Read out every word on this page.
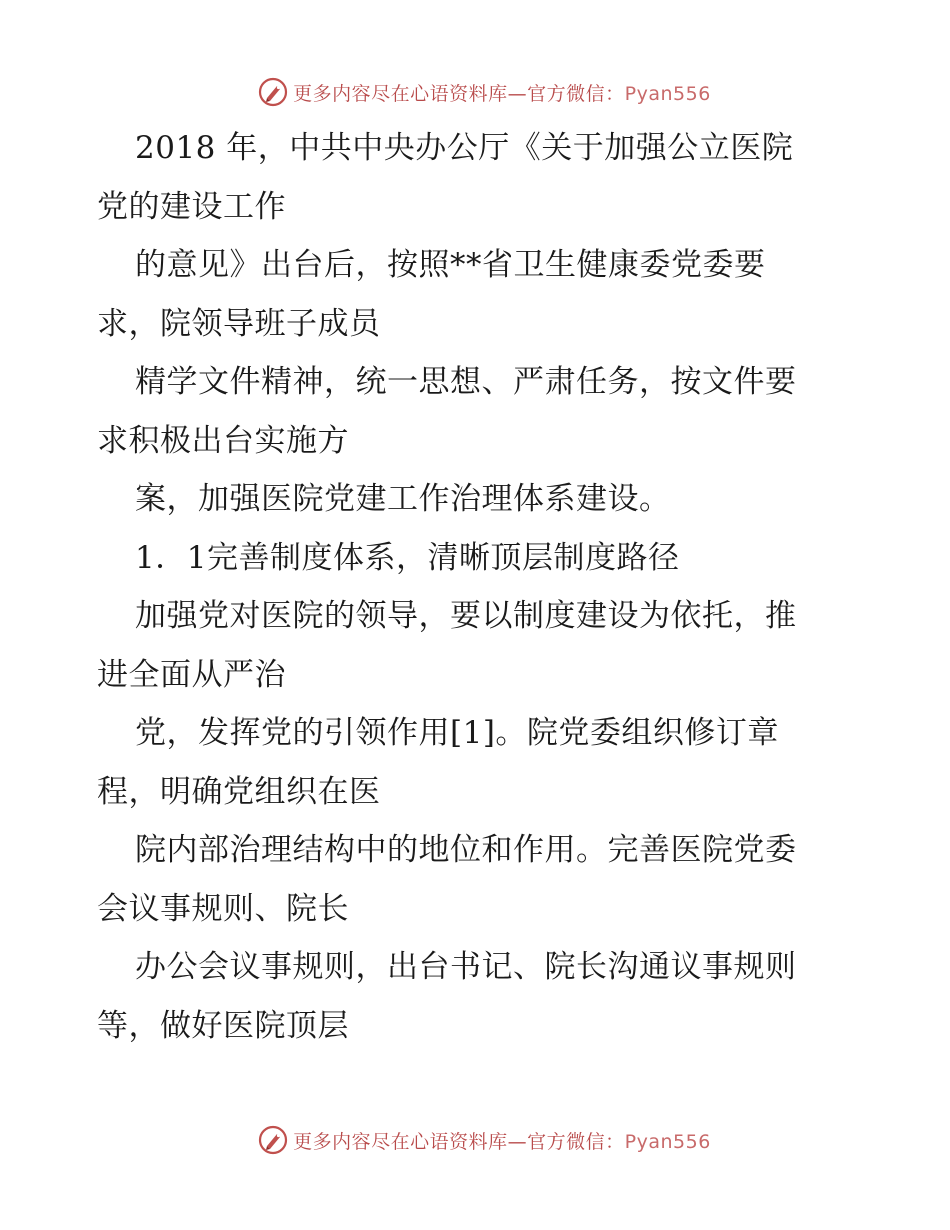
更多内容尽在心语资料库—官方微信：Pyan556
2018 年，中共中央办公厅《关于加强公立医院
党的建设工作
的意见》出台后，按照**省卫生健康委党委要
求，院领导班子成员
精学文件精神，统一思想、严肃任务，按文件要
求积极出台实施方
案，加强医院党建工作治理体系建设。
1．1完善制度体系，清晰顶层制度路径
加强党对医院的领导，要以制度建设为依托，推
进全面从严治
党，发挥党的引领作用[1]。院党委组织修订章
程，明确党组织在医
院内部治理结构中的地位和作用。完善医院党委
会议事规则、院长
办公会议事规则，出台书记、院长沟通议事规则
等，做好医院顶层
更多内容尽在心语资料库—官方微信：Pyan556
